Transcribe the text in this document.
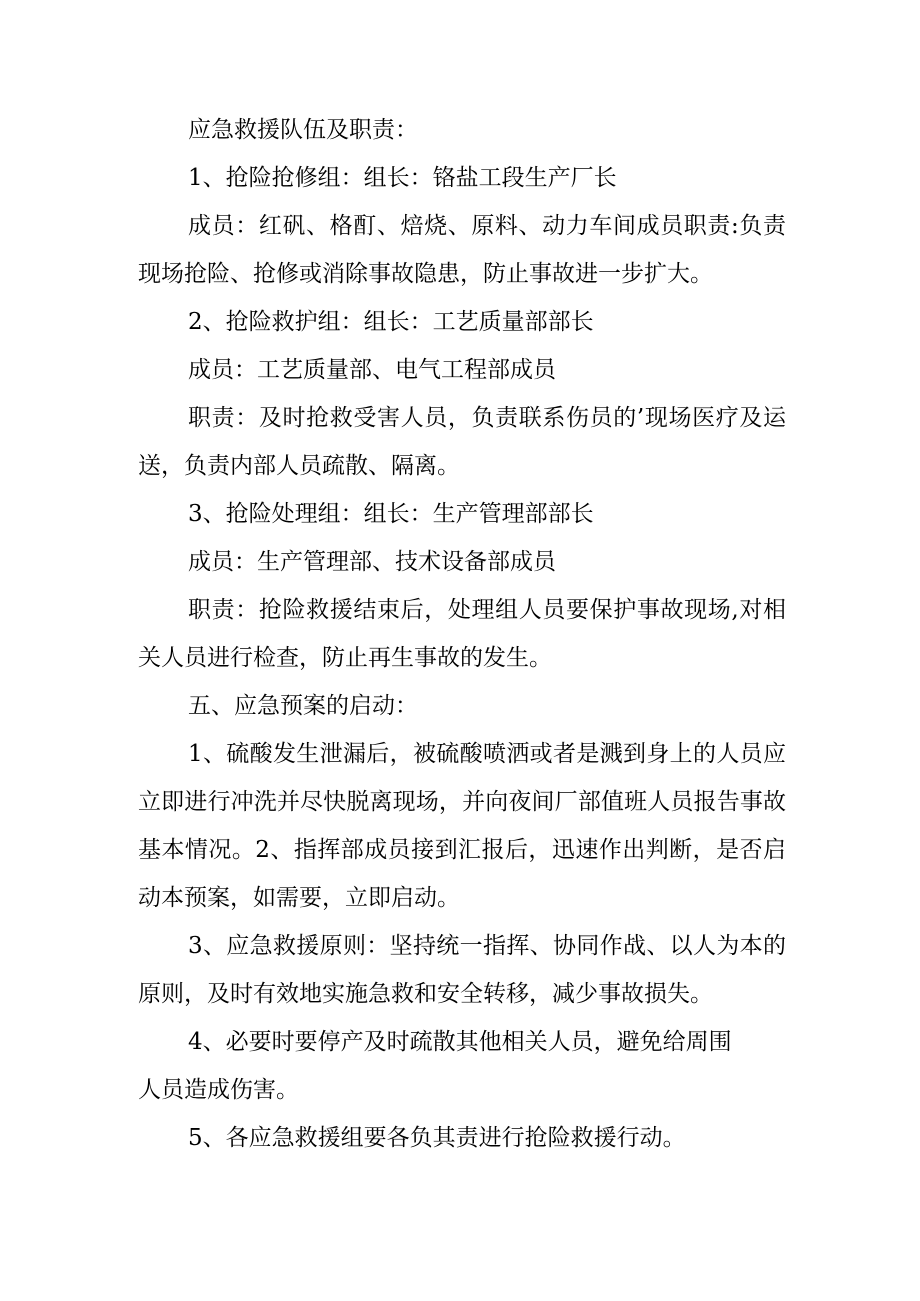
应急救援队伍及职责：

1、抢险抢修组：组长：铬盐工段生产厂长

成员：红矾、格酊、焙烧、原料、动力车间成员职责:负责现场抢险、抢修或消除事故隐患，防止事故进一步扩大。

2、抢险救护组：组长：工艺质量部部长

成员：工艺质量部、电气工程部成员

职责：及时抢救受害人员，负责联系伤员的’现场医疗及运送，负责内部人员疏散、隔离。

3、抢险处理组：组长：生产管理部部长

成员：生产管理部、技术设备部成员

职责：抢险救援结束后，处理组人员要保护事故现场,对相关人员进行检查，防止再生事故的发生。

五、应急预案的启动：

1、硫酸发生泄漏后，被硫酸喷洒或者是溅到身上的人员应立即进行冲洗并尽快脱离现场，并向夜间厂部值班人员报告事故基本情况。2、指挥部成员接到汇报后，迅速作出判断，是否启动本预案，如需要，立即启动。

3、应急救援原则：坚持统一指挥、协同作战、以人为本的原则，及时有效地实施急救和安全转移，减少事故损失。

4、必要时要停产及时疏散其他相关人员，避免给周围

人员造成伤害。

5、各应急救援组要各负其责进行抢险救援行动。
